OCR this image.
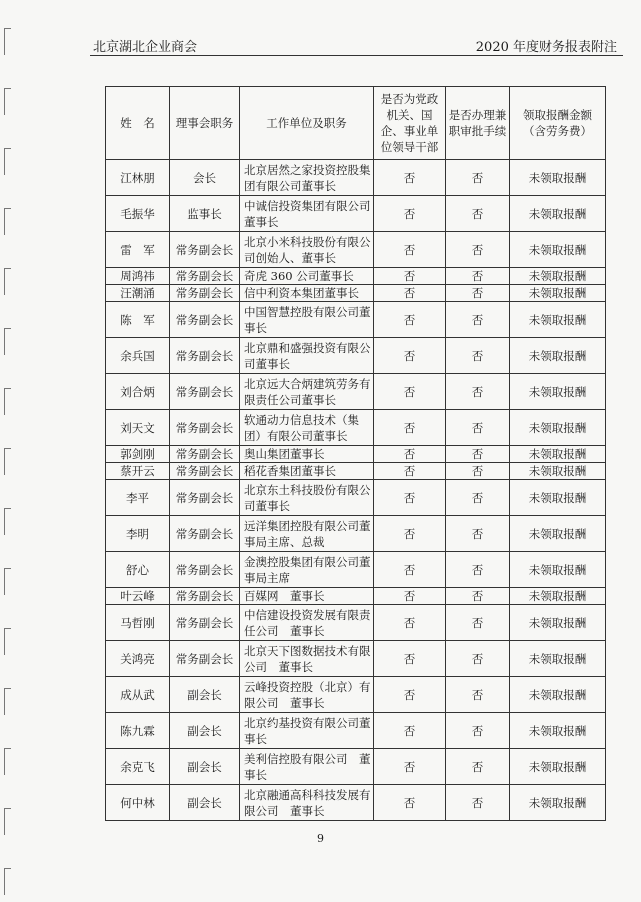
北京湖北企业商会	2020 年度财务报表附注
姓　名	理事会职务	工作单位及职务	是否为党政机关、国企、事业单位领导干部	是否办理兼职审批手续	领取报酬金额（含劳务费）
江林朋	会长	北京居然之家投资控股集团有限公司董事长	否	否	未领取报酬
毛振华	监事长	中诚信投资集团有限公司董事长	否	否	未领取报酬
雷　军	常务副会长	北京小米科技股份有限公司创始人、董事长	否	否	未领取报酬
周鸿祎	常务副会长	奇虎 360 公司董事长	否	否	未领取报酬
汪潮涌	常务副会长	信中利资本集团董事长	否	否	未领取报酬
陈　军	常务副会长	中国智慧控股有限公司董事长	否	否	未领取报酬
余兵国	常务副会长	北京鼎和盛强投资有限公司董事长	否	否	未领取报酬
刘合炳	常务副会长	北京远大合炳建筑劳务有限责任公司董事长	否	否	未领取报酬
刘天文	常务副会长	软通动力信息技术（集团）有限公司董事长	否	否	未领取报酬
郭剑刚	常务副会长	奥山集团董事长	否	否	未领取报酬
蔡开云	常务副会长	稻花香集团董事长	否	否	未领取报酬
李平	常务副会长	北京东土科技股份有限公司董事长	否	否	未领取报酬
李明	常务副会长	远洋集团控股有限公司董事局主席、总裁	否	否	未领取报酬
舒心	常务副会长	金澳控股集团有限公司董事局主席	否	否	未领取报酬
叶云峰	常务副会长	百媒网　董事长	否	否	未领取报酬
马哲刚	常务副会长	中信建设投资发展有限责任公司　董事长	否	否	未领取报酬
关鸿亮	常务副会长	北京天下图数据技术有限公司　董事长	否	否	未领取报酬
成从武	副会长	云峰投资控股（北京）有限公司　董事长	否	否	未领取报酬
陈九霖	副会长	北京约基投资有限公司董事长	否	否	未领取报酬
余克飞	副会长	美利信控股有限公司　董事长	否	否	未领取报酬
何中林	副会长	北京融通高科科技发展有限公司　董事长	否	否	未领取报酬
9
